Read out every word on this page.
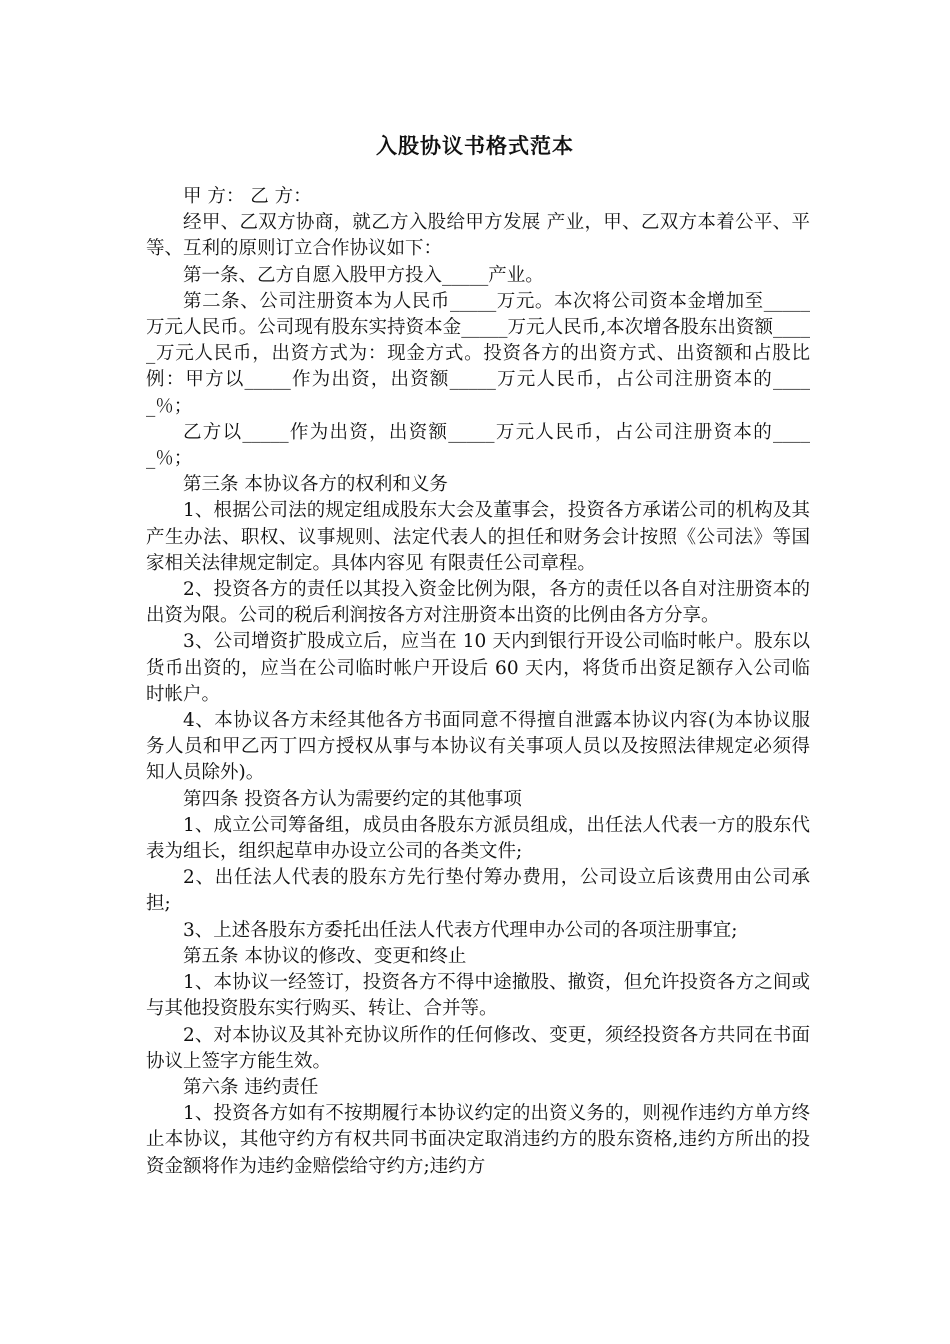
入股协议书格式范本

甲 方： 乙 方：

经甲、乙双方协商，就乙方入股给甲方发展 产业，甲、乙双方本着公平、平等、互利的原则订立合作协议如下：

第一条、乙方自愿入股甲方投入_____产业。

第二条、公司注册资本为人民币_____万元。本次将公司资本金增加至_____万元人民币。公司现有股东实持资本金_____万元人民币,本次增各股东出资额_____万元人民币，出资方式为：现金方式。投资各方的出资方式、出资额和占股比例：甲方以_____作为出资，出资额_____万元人民币，占公司注册资本的_____％；

乙方以_____作为出资，出资额_____万元人民币，占公司注册资本的_____％；

第三条 本协议各方的权利和义务

1、根据公司法的规定组成股东大会及董事会，投资各方承诺公司的机构及其产生办法、职权、议事规则、法定代表人的担任和财务会计按照《公司法》等国家相关法律规定制定。具体内容见 有限责任公司章程。

2、投资各方的责任以其投入资金比例为限，各方的责任以各自对注册资本的出资为限。公司的税后利润按各方对注册资本出资的比例由各方分享。

3、公司增资扩股成立后，应当在 10 天内到银行开设公司临时帐户。股东以货币出资的，应当在公司临时帐户开设后 60 天内，将货币出资足额存入公司临时帐户。

4、本协议各方未经其他各方书面同意不得擅自泄露本协议内容(为本协议服务人员和甲乙丙丁四方授权从事与本协议有关事项人员以及按照法律规定必须得知人员除外)。

第四条 投资各方认为需要约定的其他事项

1、成立公司筹备组，成员由各股东方派员组成，出任法人代表一方的股东代表为组长，组织起草申办设立公司的各类文件;

2、出任法人代表的股东方先行垫付筹办费用，公司设立后该费用由公司承担;

3、上述各股东方委托出任法人代表方代理申办公司的各项注册事宜;

第五条 本协议的修改、变更和终止

1、本协议一经签订，投资各方不得中途撤股、撤资，但允许投资各方之间或与其他投资股东实行购买、转让、合并等。

2、对本协议及其补充协议所作的任何修改、变更，须经投资各方共同在书面协议上签字方能生效。

第六条 违约责任

1、投资各方如有不按期履行本协议约定的出资义务的，则视作违约方单方终止本协议，其他守约方有权共同书面决定取消违约方的股东资格,违约方所出的投资金额将作为违约金赔偿给守约方;违约方
